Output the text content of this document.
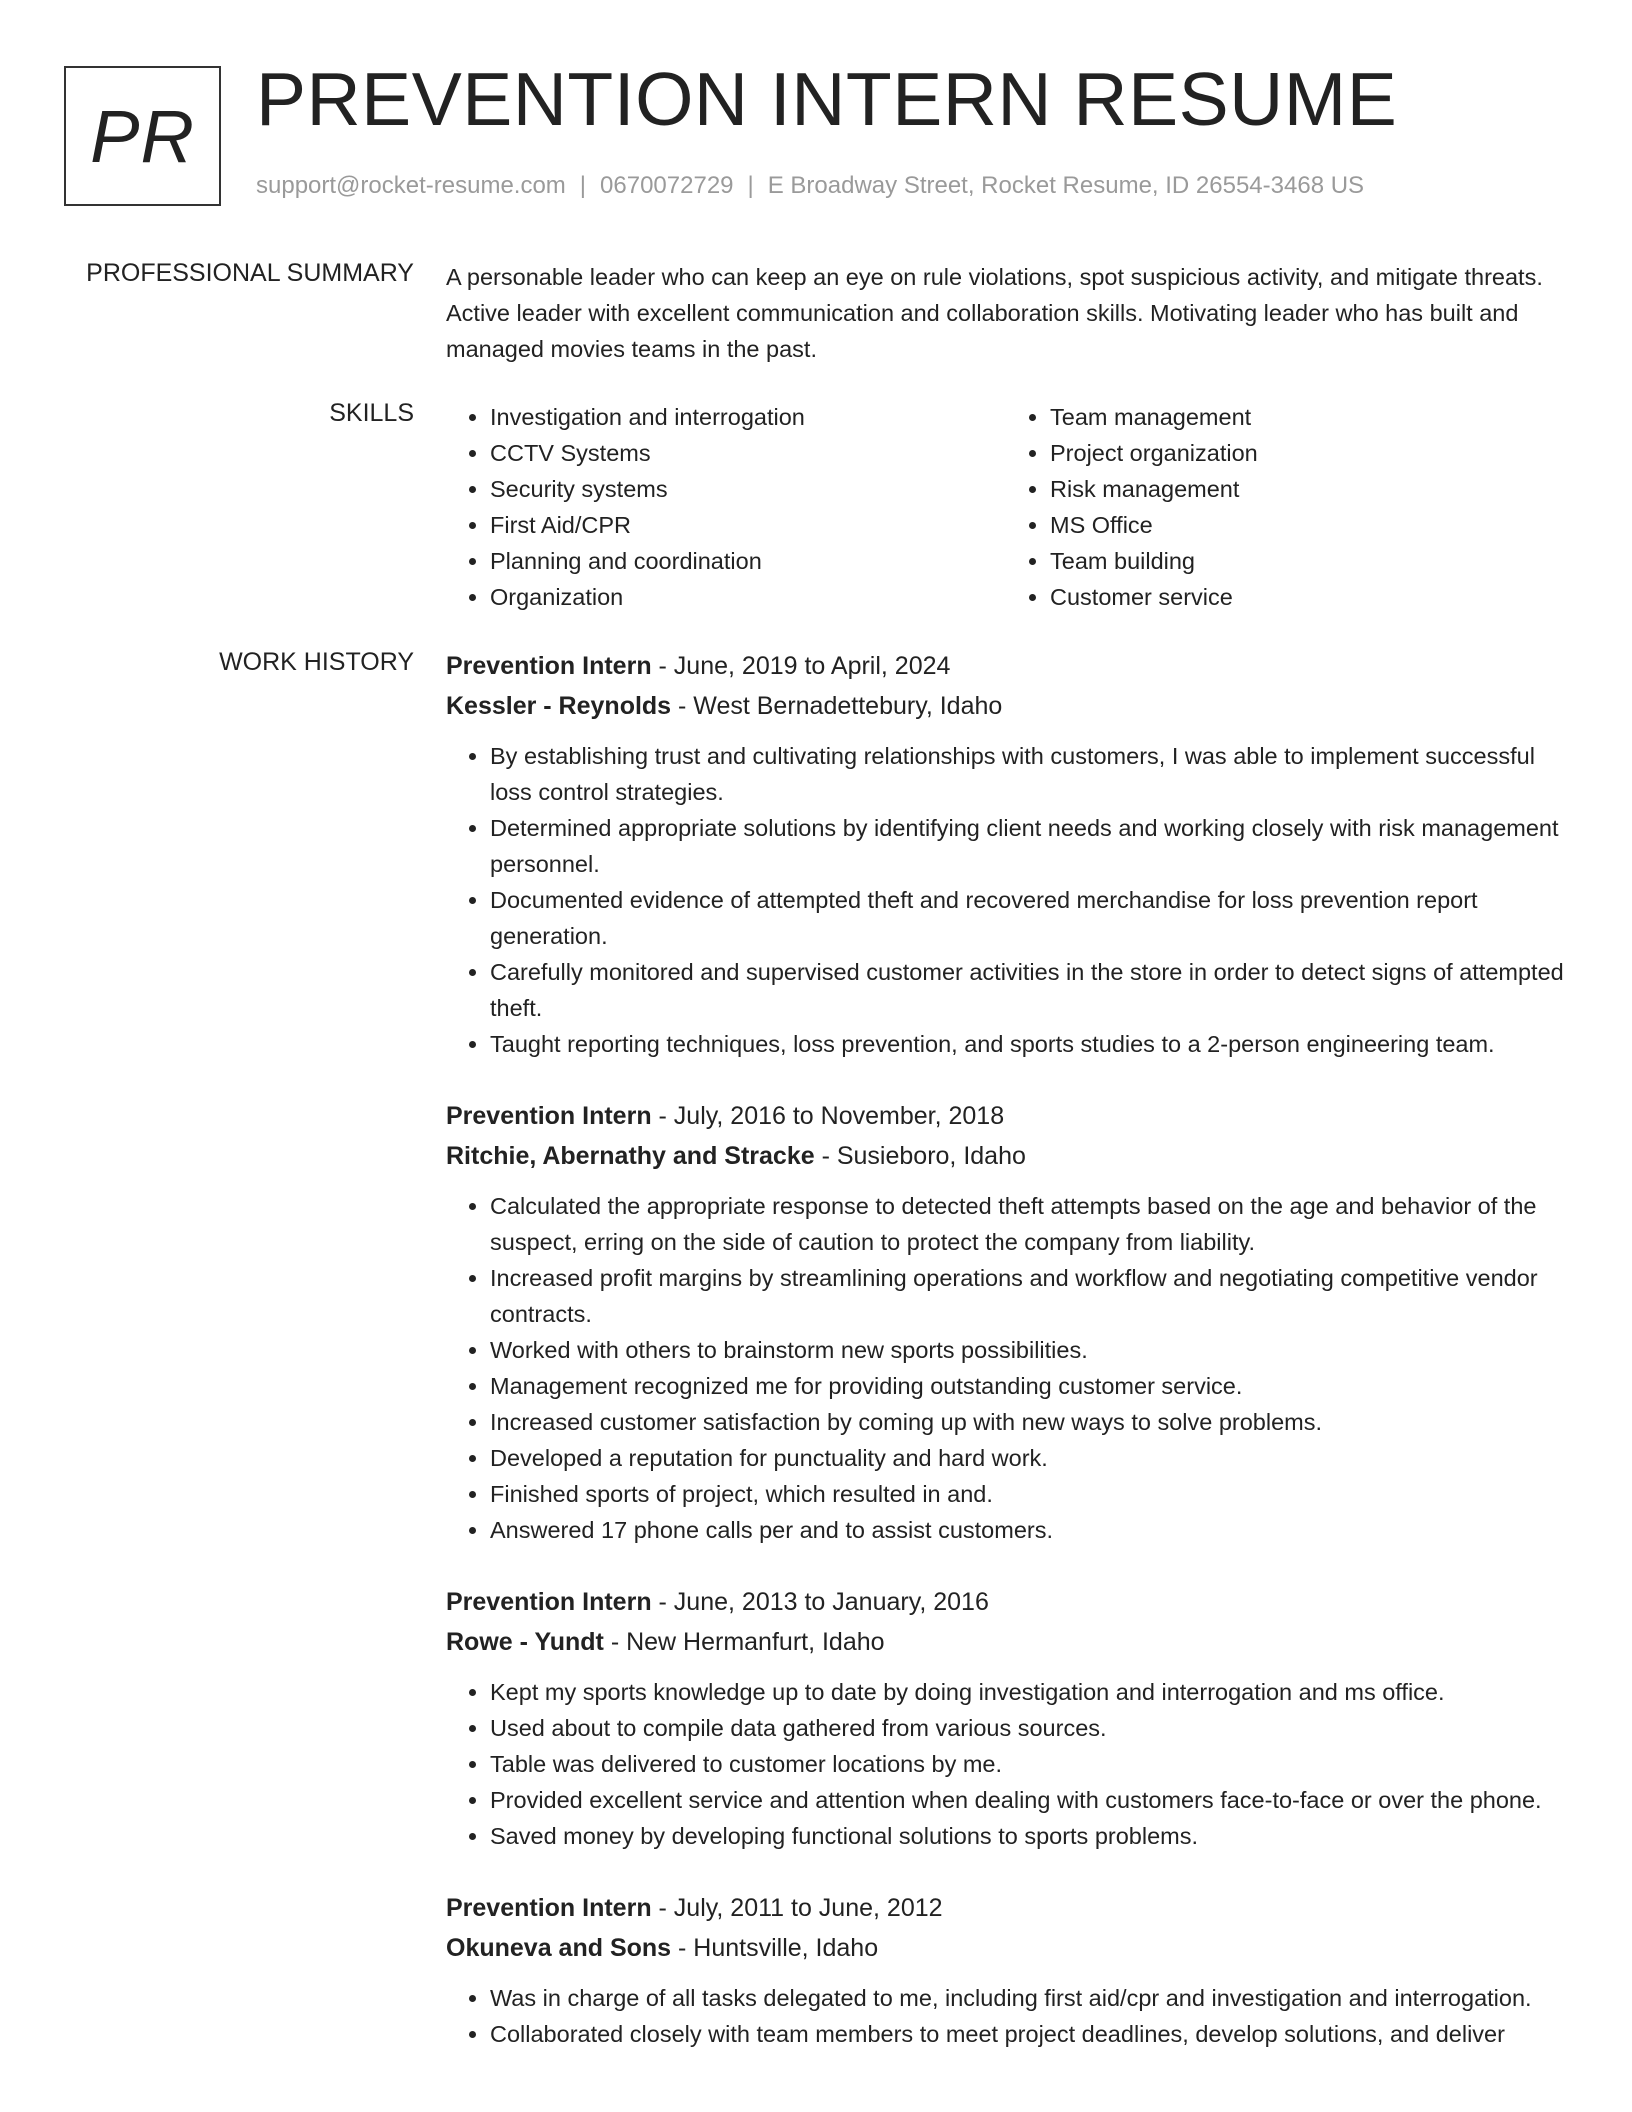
PR PREVENTION INTERN RESUME
support@rocket-resume.com | 0670072729 | E Broadway Street, Rocket Resume, ID 26554-3468 US
PROFESSIONAL SUMMARY A personable leader who can keep an eye on rule violations, spot suspicious activity, and mitigate threats. Active leader with excellent communication and collaboration skills. Motivating leader who has built and managed movies teams in the past.
SKILLS
•	Investigation and interrogation
• CCTV Systems
• Security systems
• First Aid/CPR
• Planning and coordination
• Organization
• Team management
• Project organization
• Risk management
• MS Office
• Team building
• Customer service
WORK HISTORY Prevention Intern - June, 2019 to April, 2024
Kessler - Reynolds - West Bernadettebury, Idaho
• By establishing trust and cultivating relationships with customers, I was able to implement successful loss control strategies.
• Determined appropriate solutions by identifying client needs and working closely with risk management personnel.
• Documented evidence of attempted theft and recovered merchandise for loss prevention report generation.
• Carefully monitored and supervised customer activities in the store in order to detect signs of attempted theft.
• Taught reporting techniques, loss prevention, and sports studies to a 2-person engineering team.
Prevention Intern - July, 2016 to November, 2018
Ritchie, Abernathy and Stracke - Susieboro, Idaho
• Calculated the appropriate response to detected theft attempts based on the age and behavior of the suspect, erring on the side of caution to protect the company from liability.
• Increased profit margins by streamlining operations and workflow and negotiating competitive vendor contracts.
• Worked with others to brainstorm new sports possibilities.
• Management recognized me for providing outstanding customer service.
• Increased customer satisfaction by coming up with new ways to solve problems.
• Developed a reputation for punctuality and hard work.
• Finished sports of project, which resulted in and.
• Answered 17 phone calls per and to assist customers.
Prevention Intern - June, 2013 to January, 2016
Rowe - Yundt - New Hermanfurt, Idaho
• Kept my sports knowledge up to date by doing investigation and interrogation and ms office.
• Used about to compile data gathered from various sources.
• Table was delivered to customer locations by me.
• Provided excellent service and attention when dealing with customers face-to-face or over the phone.
• Saved money by developing functional solutions to sports problems.
Prevention Intern - July, 2011 to June, 2012
Okuneva and Sons - Huntsville, Idaho
• Was in charge of all tasks delegated to me, including first aid/cpr and investigation and interrogation.
• Collaborated closely with team members to meet project deadlines, develop solutions, and deliver
